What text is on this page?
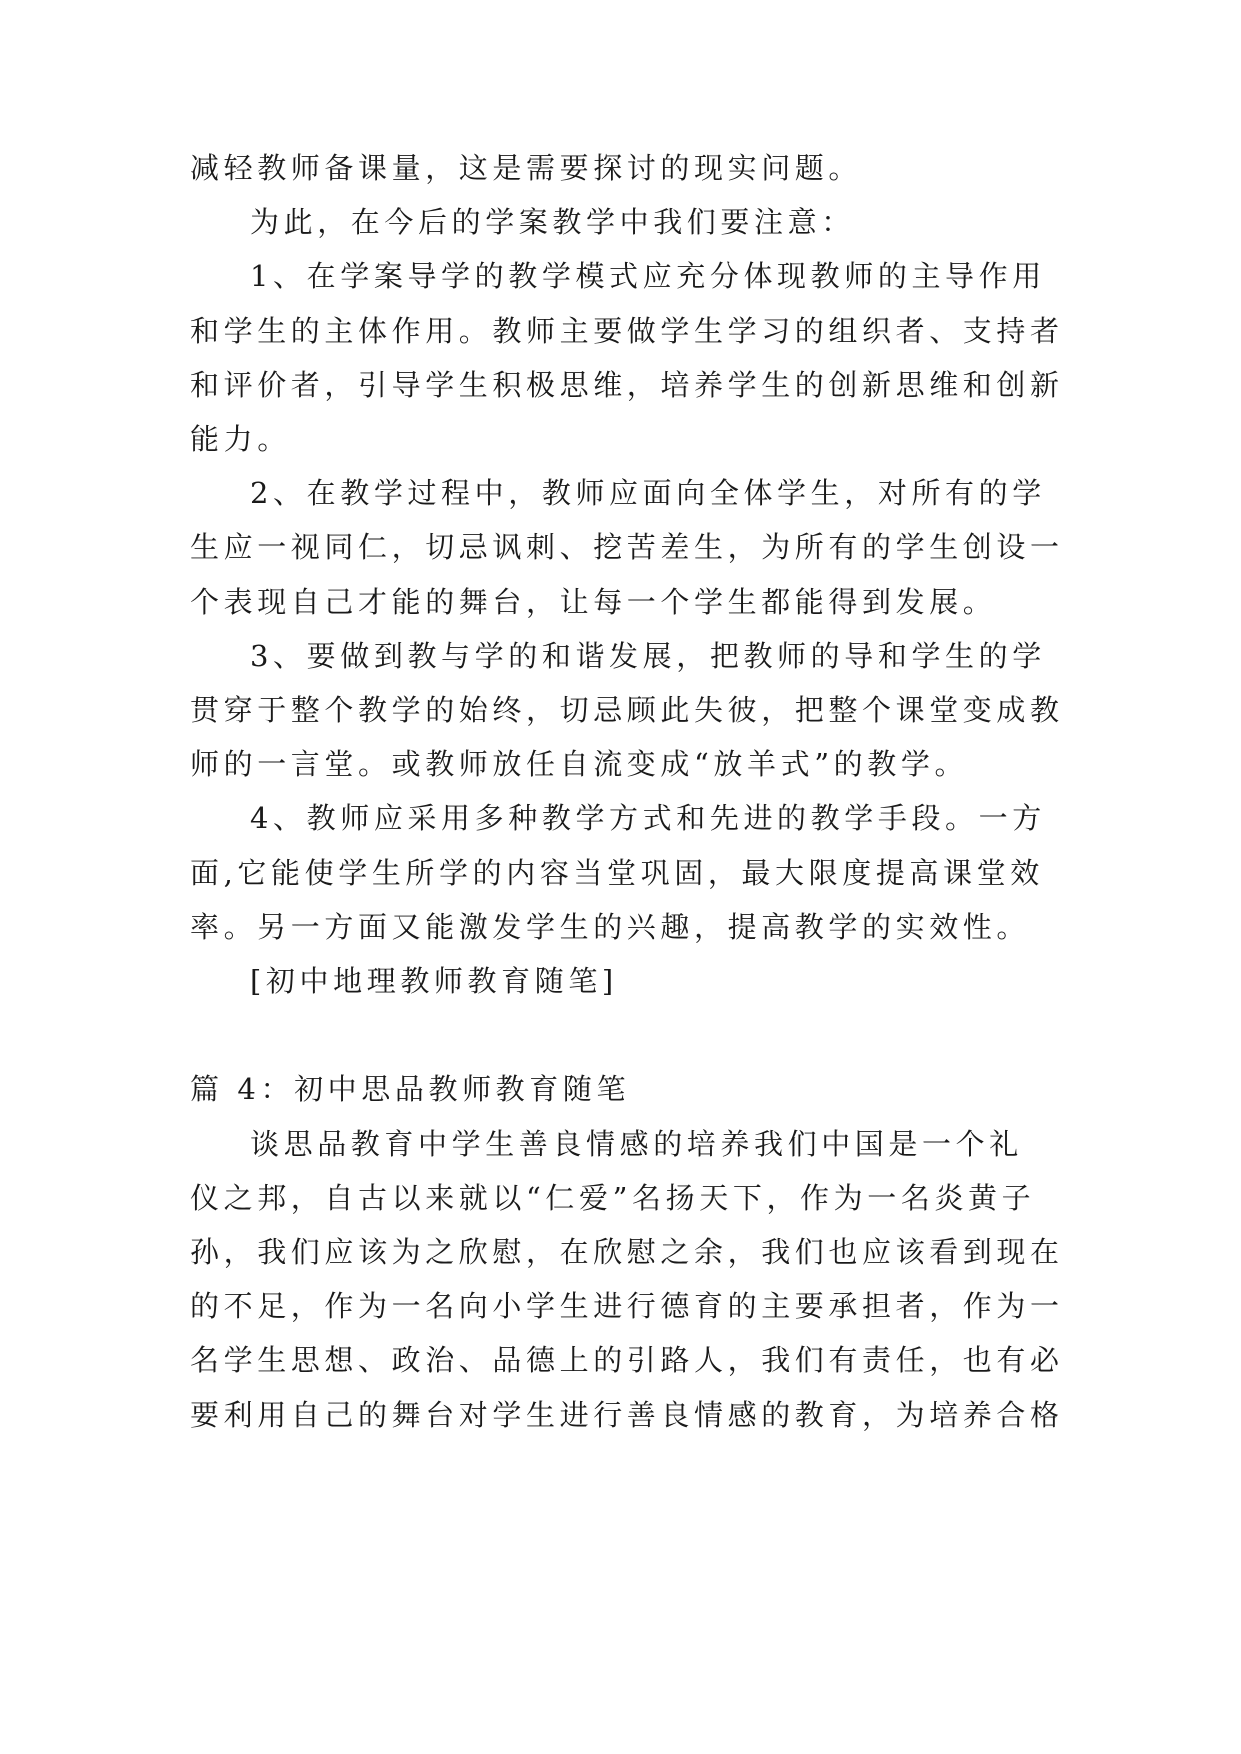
减轻教师备课量，这是需要探讨的现实问题。
为此，在今后的学案教学中我们要注意：
1、在学案导学的教学模式应充分体现教师的主导作用
和学生的主体作用。教师主要做学生学习的组织者、支持者
和评价者，引导学生积极思维，培养学生的创新思维和创新
能力。
2、在教学过程中，教师应面向全体学生，对所有的学
生应一视同仁，切忌讽刺、挖苦差生，为所有的学生创设一
个表现自己才能的舞台，让每一个学生都能得到发展。
3、要做到教与学的和谐发展，把教师的导和学生的学
贯穿于整个教学的始终，切忌顾此失彼，把整个课堂变成教
师的一言堂。或教师放任自流变成“放羊式”的教学。
4、教师应采用多种教学方式和先进的教学手段。一方
面,它能使学生所学的内容当堂巩固，最大限度提高课堂效
率。另一方面又能激发学生的兴趣，提高教学的实效性。
[初中地理教师教育随笔]
篇 4：初中思品教师教育随笔
谈思品教育中学生善良情感的培养我们中国是一个礼
仪之邦，自古以来就以“仁爱”名扬天下，作为一名炎黄子
孙，我们应该为之欣慰，在欣慰之余，我们也应该看到现在
的不足，作为一名向小学生进行德育的主要承担者，作为一
名学生思想、政治、品德上的引路人，我们有责任，也有必
要利用自己的舞台对学生进行善良情感的教育，为培养合格
